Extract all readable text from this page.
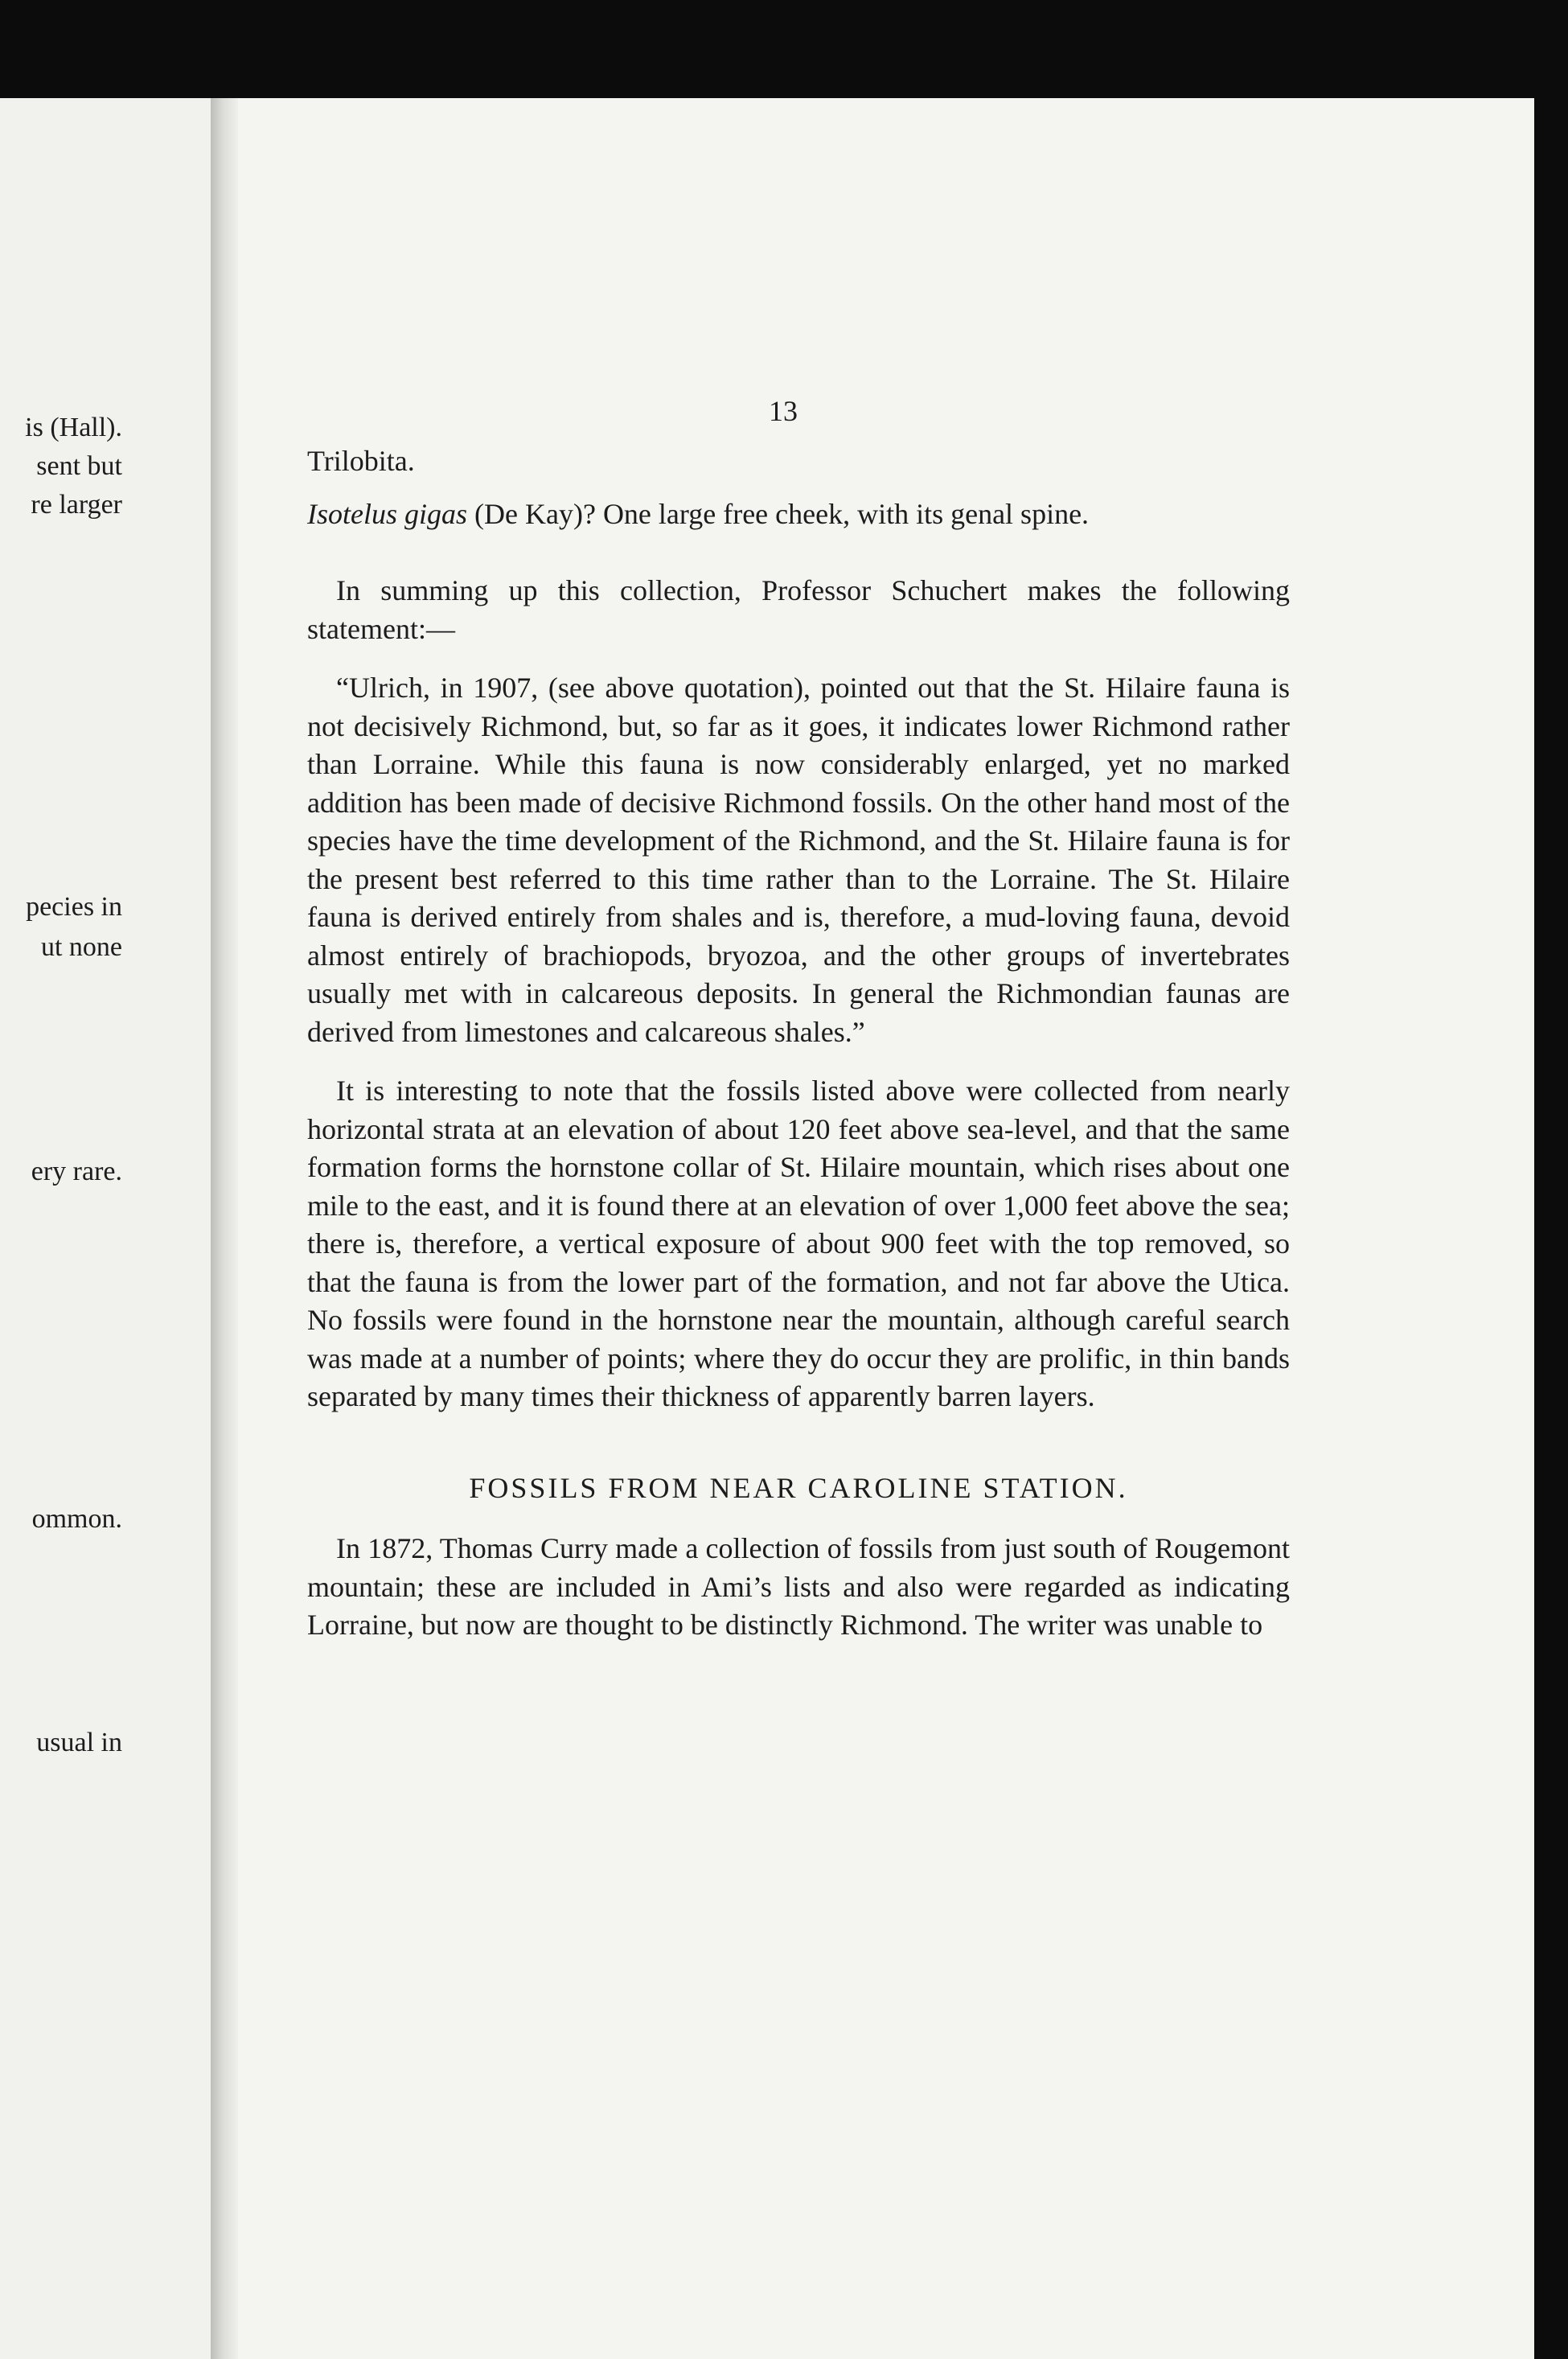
is (Hall).
sent but
re larger
pecies in
ut none
ery rare.
ommon.
usual in
13
Trilobita.

Isotelus gigas (De Kay)? One large free cheek, with its genal spine.

In summing up this collection, Professor Schuchert makes the following statement:—

“Ulrich, in 1907, (see above quotation), pointed out that the St. Hilaire fauna is not decisively Richmond, but, so far as it goes, it indicates lower Richmond rather than Lorraine. While this fauna is now considerably enlarged, yet no marked addition has been made of decisive Richmond fossils. On the other hand most of the species have the time development of the Richmond, and the St. Hilaire fauna is for the present best referred to this time rather than to the Lorraine. The St. Hilaire fauna is derived entirely from shales and is, therefore, a mud-loving fauna, devoid almost entirely of brachiopods, bryozoa, and the other groups of invertebrates usually met with in calcareous deposits. In general the Richmondian faunas are derived from limestones and calcareous shales.”

It is interesting to note that the fossils listed above were collected from nearly horizontal strata at an elevation of about 120 feet above sea-level, and that the same formation forms the hornstone collar of St. Hilaire mountain, which rises about one mile to the east, and it is found there at an elevation of over 1,000 feet above the sea; there is, therefore, a vertical exposure of about 900 feet with the top removed, so that the fauna is from the lower part of the formation, and not far above the Utica. No fossils were found in the hornstone near the mountain, although careful search was made at a number of points; where they do occur they are prolific, in thin bands separated by many times their thickness of apparently barren layers.

FOSSILS FROM NEAR CAROLINE STATION.

In 1872, Thomas Curry made a collection of fossils from just south of Rougemont mountain; these are included in Ami’s lists and also were regarded as indicating Lorraine, but now are thought to be distinctly Richmond. The writer was unable to
